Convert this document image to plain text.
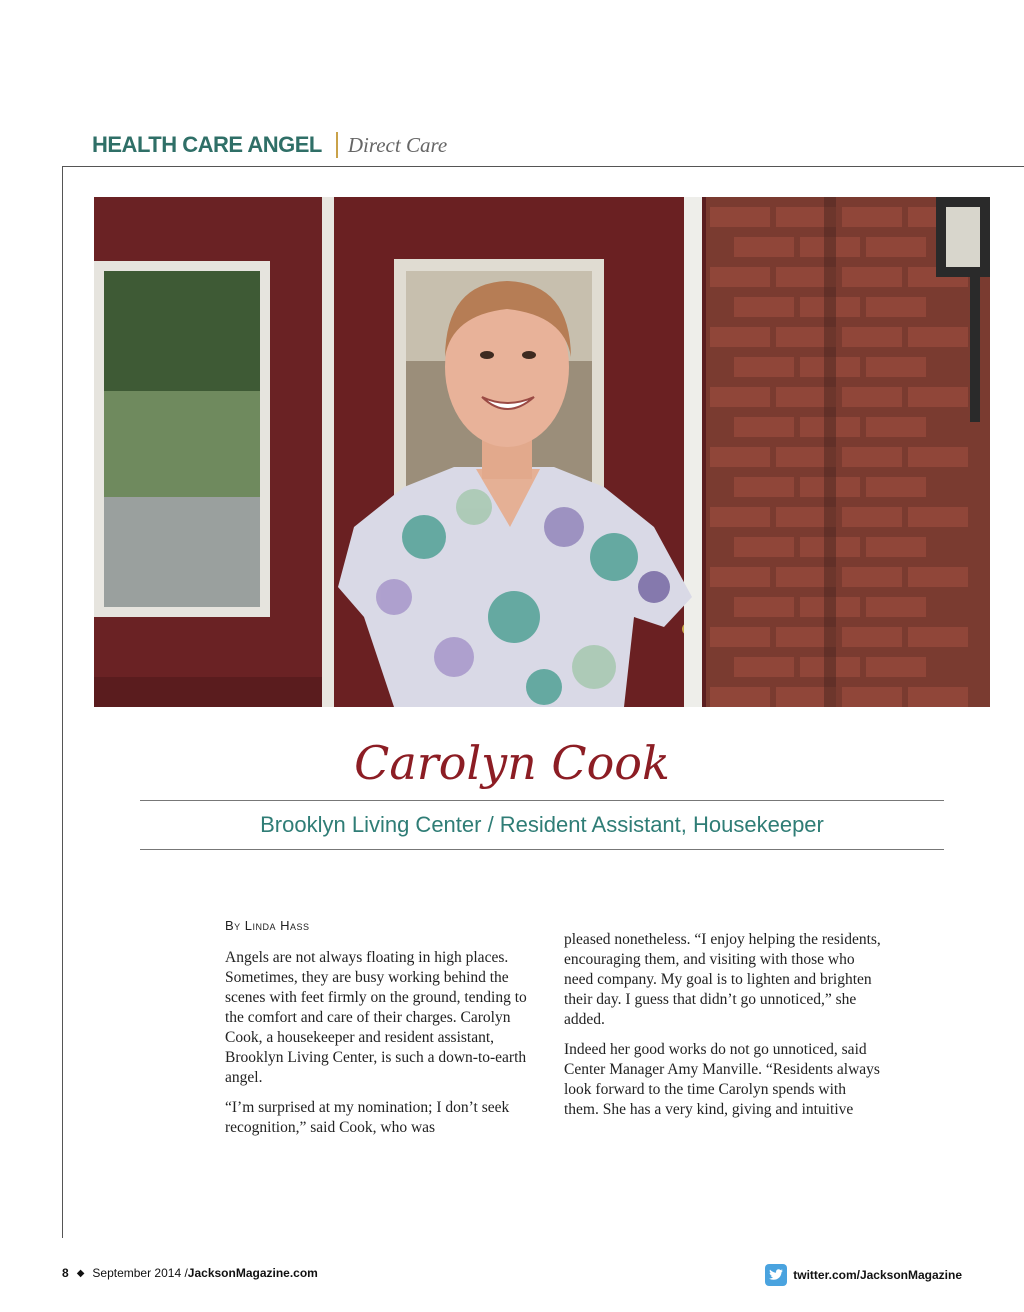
HEALTH CARE ANGEL Direct Care
Carolyn Cook
Brooklyn Living Center / Resident Assistant, Housekeeper
By Linda Hass

Angels are not always floating in high places. Sometimes, they are busy working behind the scenes with feet firmly on the ground, tending to the comfort and care of their charges. Carolyn Cook, a housekeeper and resident assistant, Brooklyn Living Center, is such a down-to-earth angel.

“I’m surprised at my nomination; I don’t seek recognition,” said Cook, who was

pleased nonetheless. “I enjoy helping the residents, encouraging them, and visiting with those who need company. My goal is to lighten and brighten their day. I guess that didn’t go unnoticed,” she added.

Indeed her good works do not go unnoticed, said Center Manager Amy Manville. “Residents always look forward to the time Carolyn spends with them. She has a very kind, giving and intuitive

8 ◆ September 2014 / JacksonMagazine.com	twitter.com/JacksonMagazine
